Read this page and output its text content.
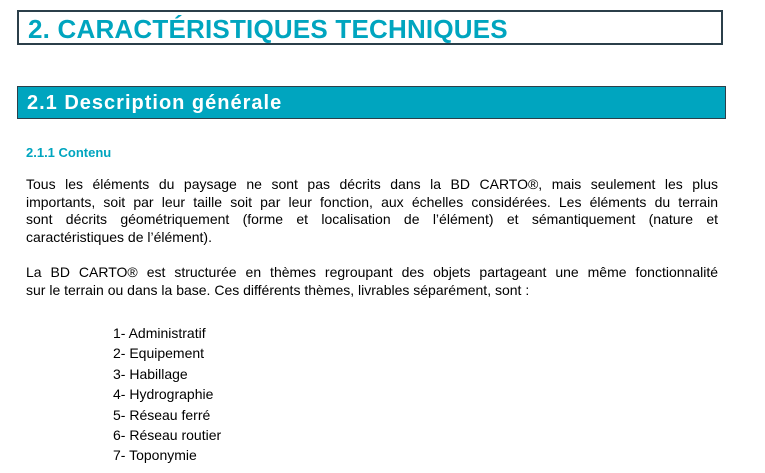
2. CARACTÉRISTIQUES TECHNIQUES
2.1 Description générale
2.1.1 Contenu
Tous les éléments du paysage ne sont pas décrits dans la BD CARTO®, mais seulement les plus
importants, soit par leur taille soit par leur fonction, aux échelles considérées. Les éléments du terrain
sont décrits géométriquement (forme et localisation de l’élément) et sémantiquement (nature et
caractéristiques de l’élément).
La BD CARTO® est structurée en thèmes regroupant des objets partageant une même fonctionnalité
sur le terrain ou dans la base. Ces différents thèmes, livrables séparément, sont :
1- Administratif
2- Equipement
3- Habillage
4- Hydrographie
5- Réseau ferré
6- Réseau routier
7- Toponymie
